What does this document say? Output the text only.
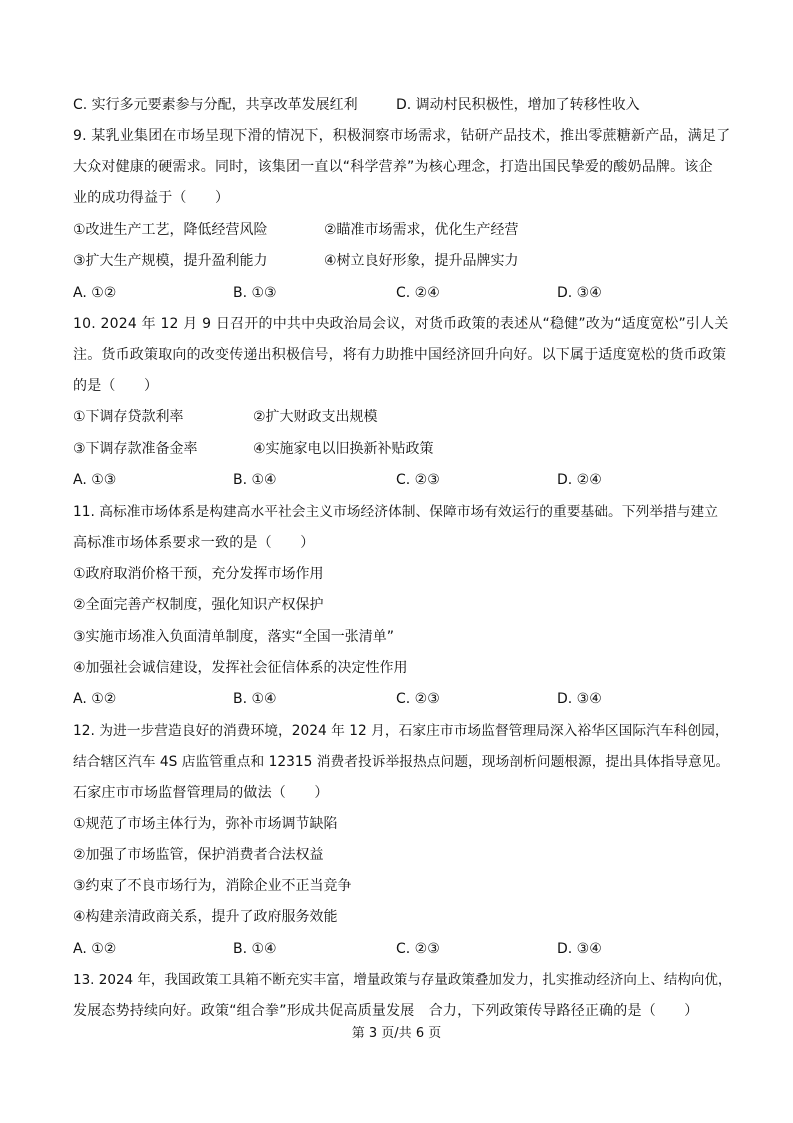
C. 实行多元要素参与分配，共享改革发展红利	D. 调动村民积极性，增加了转移性收入
9. 某乳业集团在市场呈现下滑的情况下，积极洞察市场需求，钻研产品技术，推出零蔗糖新产品，满足了
大众对健康的硬需求。同时，该集团一直以“科学营养”为核心理念，打造出国民挚爱的酸奶品牌。该企
业的成功得益于（　　）
①改进生产工艺，降低经营风险	②瞄准市场需求，优化生产经营
③扩大生产规模，提升盈利能力	④树立良好形象，提升品牌实力
A. ①②	B. ①③	C. ②④	D. ③④
10. 2024 年 12 月 9 日召开的中共中央政治局会议，对货币政策的表述从“稳健”改为“适度宽松”引人关
注。货币政策取向的改变传递出积极信号，将有力助推中国经济回升向好。以下属于适度宽松的货币政策
的是（　　）
①下调存贷款利率	②扩大财政支出规模
③下调存款准备金率	④实施家电以旧换新补贴政策
A. ①③	B. ①④	C. ②③	D. ②④
11. 高标准市场体系是构建高水平社会主义市场经济体制、保障市场有效运行的重要基础。下列举措与建立
高标准市场体系要求一致的是（　　）
①政府取消价格干预，充分发挥市场作用
②全面完善产权制度，强化知识产权保护
③实施市场准入负面清单制度，落实“全国一张清单”
④加强社会诚信建设，发挥社会征信体系的决定性作用
A. ①②	B. ①④	C. ②③	D. ③④
12. 为进一步营造良好的消费环境，2024 年 12 月，石家庄市市场监督管理局深入裕华区国际汽车科创园，
结合辖区汽车 4S 店监管重点和 12315 消费者投诉举报热点问题，现场剖析问题根源，提出具体指导意见。
石家庄市市场监督管理局的做法（　　）
①规范了市场主体行为，弥补市场调节缺陷
②加强了市场监管，保护消费者合法权益
③约束了不良市场行为，消除企业不正当竞争
④构建亲清政商关系，提升了政府服务效能
A. ①②	B. ①④	C. ②③	D. ③④
13. 2024 年，我国政策工具箱不断充实丰富，增量政策与存量政策叠加发力，扎实推动经济向上、结构向优，
发展态势持续向好。政策“组合拳”形成共促高质量发展　合力，下列政策传导路径正确的是（　　）
第 3 页/共 6 页
